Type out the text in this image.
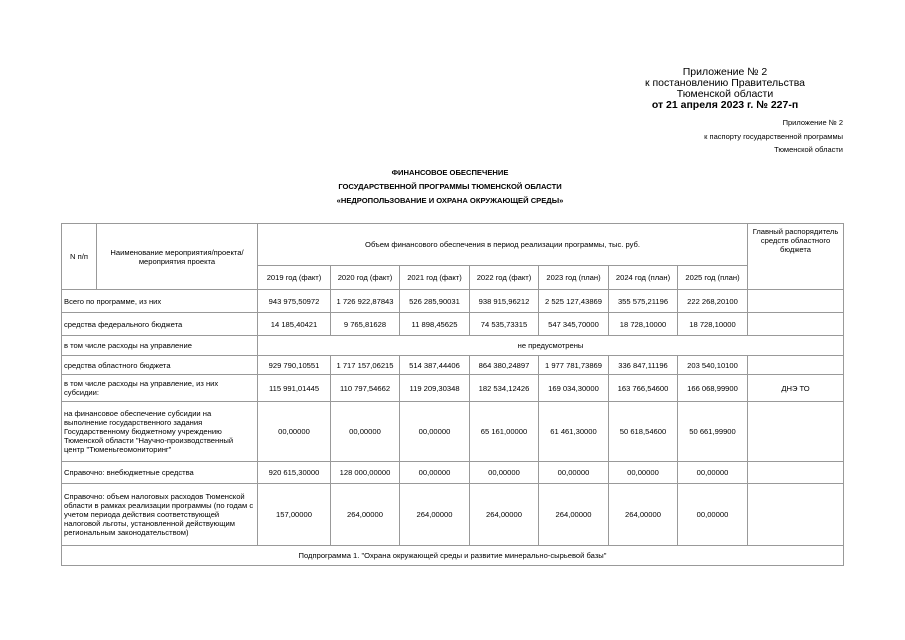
Приложение № 2
к постановлению Правительства
Тюменской области
от 21 апреля 2023 г. № 227-п
Приложение № 2
к паспорту государственной программы
Тюменской области
ФИНАНСОВОЕ ОБЕСПЕЧЕНИЕ
ГОСУДАРСТВЕННОЙ ПРОГРАММЫ ТЮМЕНСКОЙ ОБЛАСТИ
«НЕДРОПОЛЬЗОВАНИЕ И ОХРАНА ОКРУЖАЮЩЕЙ СРЕДЫ»
N п/п	Наименование мероприятия/проекта/мероприятия проекта	Объем финансового обеспечения в период реализации программы, тыс. руб.							Главный распорядитель средств областного бюджета
		2019 год (факт)	2020 год (факт)	2021 год (факт)	2022 год (факт)	2023 год (план)	2024 год (план)	2025 год (план)	
Всего по программе, из них		943 975,50972	1 726 922,87843	526 285,90031	938 915,96212	2 525 127,43869	355 575,21196	222 268,20100	
средства федерального бюджета		14 185,40421	9 765,81628	11 898,45625	74 535,73315	547 345,70000	18 728,10000	18 728,10000	
в том числе расходы на управление		не предусмотрены							
средства областного бюджета		929 790,10551	1 717 157,06215	514 387,44406	864 380,24897	1 977 781,73869	336 847,11196	203 540,10100	
в том числе расходы на управление, из них субсидии:		115 991,01445	110 797,54662	119 209,30348	182 534,12426	169 034,30000	163 766,54600	166 068,99900	ДНЭ ТО
на финансовое обеспечение субсидии на выполнение государственного задания Государственному бюджетному учреждению Тюменской области "Научно-производственный центр "Тюменьгеомониторинг"		00,00000	00,00000	00,00000	65 161,00000	61 461,30000	50 618,54600	50 661,99900	
Справочно: внебюджетные средства		920 615,30000	128 000,00000	00,00000	00,00000	00,00000	00,00000	00,00000	
Справочно: объем налоговых расходов Тюменской области в рамках реализации программы (по годам с учетом периода действия соответствующей налоговой льготы, установленной действующим региональным законодательством)		157,00000	264,00000	264,00000	264,00000	264,00000	264,00000	00,00000	
Подпрограмма 1. "Охрана окружающей среды и развитие минерально-сырьевой базы"									
